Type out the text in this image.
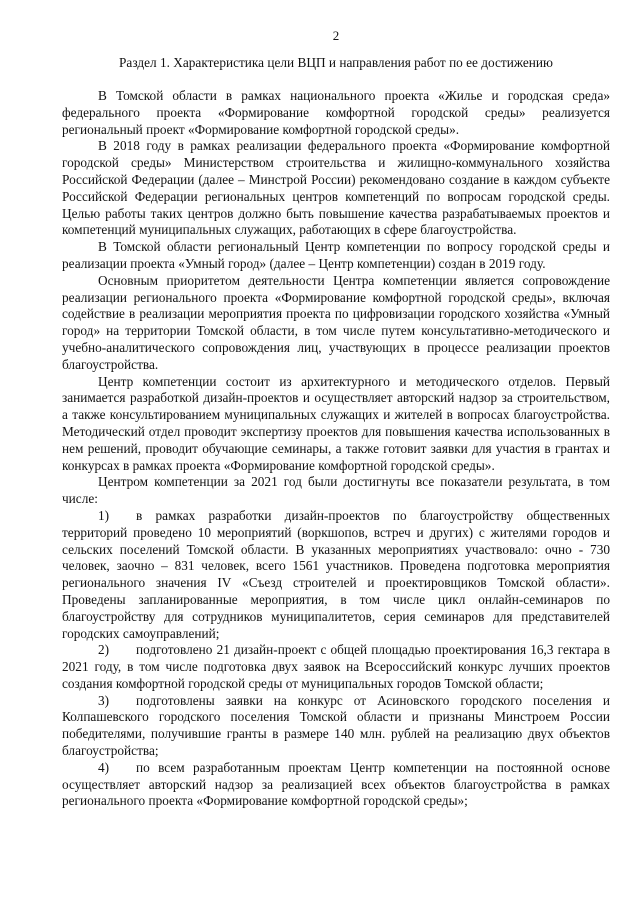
2

Раздел 1. Характеристика цели ВЦП и направления работ по ее достижению

В Томской области в рамках национального проекта «Жилье и городская среда» федерального проекта «Формирование комфортной городской среды» реализуется региональный проект «Формирование комфортной городской среды».

В 2018 году в рамках реализации федерального проекта «Формирование комфортной городской среды» Министерством строительства и жилищно-коммунального хозяйства Российской Федерации (далее – Минстрой России) рекомендовано создание в каждом субъекте Российской Федерации региональных центров компетенций по вопросам городской среды. Целью работы таких центров должно быть повышение качества разрабатываемых проектов и компетенций муниципальных служащих, работающих в сфере благоустройства.

В Томской области региональный Центр компетенции по вопросу городской среды и реализации проекта «Умный город» (далее – Центр компетенции) создан в 2019 году.

Основным приоритетом деятельности Центра компетенции является сопровождение реализации регионального проекта «Формирование комфортной городской среды», включая содействие в реализации мероприятия проекта по цифровизации городского хозяйства «Умный город» на территории Томской области, в том числе путем консультативно-методического и учебно-аналитического сопровождения лиц, участвующих в процессе реализации проектов благоустройства.

Центр компетенции состоит из архитектурного и методического отделов. Первый занимается разработкой дизайн-проектов и осуществляет авторский надзор за строительством, а также консультированием муниципальных служащих и жителей в вопросах благоустройства. Методический отдел проводит экспертизу проектов для повышения качества использованных в нем решений, проводит обучающие семинары, а также готовит заявки для участия в грантах и конкурсах в рамках проекта «Формирование комфортной городской среды».

Центром компетенции за 2021 год были достигнуты все показатели результата, в том числе:

1) в рамках разработки дизайн-проектов по благоустройству общественных территорий проведено 10 мероприятий (воркшопов, встреч и других) с жителями городов и сельских поселений Томской области. В указанных мероприятиях участвовало: очно - 730 человек, заочно – 831 человек, всего 1561 участников. Проведена подготовка мероприятия регионального значения IV «Съезд строителей и проектировщиков Томской области». Проведены запланированные мероприятия, в том числе цикл онлайн-семинаров по благоустройству для сотрудников муниципалитетов, серия семинаров для представителей городских самоуправлений;

2) подготовлено 21 дизайн-проект с общей площадью проектирования 16,3 гектара в 2021 году, в том числе подготовка двух заявок на Всероссийский конкурс лучших проектов создания комфортной городской среды от муниципальных городов Томской области;

3) подготовлены заявки на конкурс от Асиновского городского поселения и Колпашевского городского поселения Томской области и признаны Минстроем России победителями, получившие гранты в размере 140 млн. рублей на реализацию двух объектов благоустройства;

4) по всем разработанным проектам Центр компетенции на постоянной основе осуществляет авторский надзор за реализацией всех объектов благоустройства в рамках регионального проекта «Формирование комфортной городской среды»;
